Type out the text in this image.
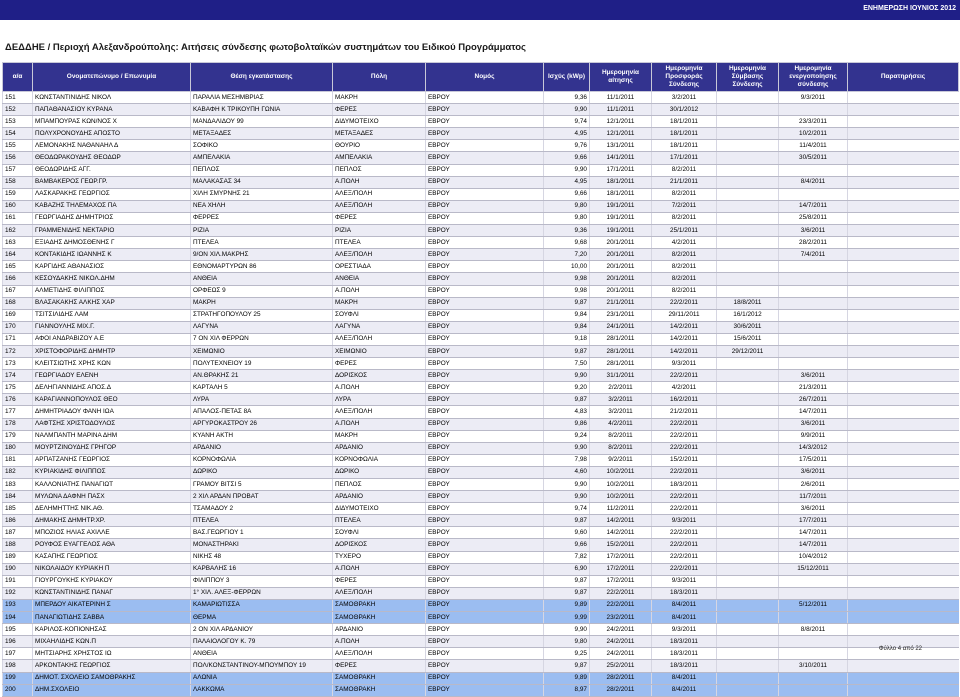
ΕΝΗΜΕΡΩΣΗ ΙΟΥΝΙΟΣ 2012
ΔΕΔΔΗΕ / Περιοχή Αλεξανδρούπολης: Αιτήσεις σύνδεσης φωτοβολταϊκών συστημάτων του Ειδικού Προγράμματος
α/α	Ονοματεπώνυμο / Επωνυμία	Θέση εγκατάστασης	Πόλη	Νομός	Ισχύς (kWp)	Ημερομηνία αίτησης	Ημερομηνία Προσφοράς Σύνδεσης	Ημερομηνία Σύμβασης Σύνδεσης	Ημερομηνία ενεργοποίησης σύνδεσης	Παρατηρήσεις
151	ΚΩΝΣΤΑΝΤΙΝΙΔΗΣ ΝΙΚΟΛ	ΠΑΡΑΛΙΑ ΜΕΣΗΜΒΡΙΑΣ	ΜΑΚΡΗ	ΕΒΡΟΥ	9,36	11/1/2011	3/2/2011		9/3/2011	
152	ΠΑΠΑΘΑΝΑΣΙΟΥ ΚΥΡΑΝΑ	ΚΑΒΑΦΗ Κ ΤΡΙΚΟΥΠΗ ΓΩΝΙΑ	ΦΕΡΕΣ	ΕΒΡΟΥ	9,90	11/1/2011	30/1/2012			
153	ΜΠΑΜΠΟΥΡΑΣ ΚΩΝ/ΝΟΣ Χ	ΜΑΝΔΑΛΙΔΟΥ 99	ΔΙΔΥΜΟΤΕΙΧΟ	ΕΒΡΟΥ	9,74	12/1/2011	18/1/2011		23/3/2011	
154	ΠΟΛΥΧΡΟΝΟΥΔΗΣ ΑΠΟΣΤΟ	ΜΕΤΑΞΑΔΕΣ	ΜΕΤΑΞΑΔΕΣ	ΕΒΡΟΥ	4,95	12/1/2011	18/1/2011		10/2/2011	
155	ΛΕΜΟΝΑΚΗΣ ΝΑΘΑΝΑΗΛ Δ	ΣΟΦΙΚΟ	ΘΟΥΡΙΟ	ΕΒΡΟΥ	9,76	13/1/2011	18/1/2011		11/4/2011	
156	ΘΕΟΔΩΡΑΚΟΥΔΗΣ ΘΕΟΔΩΡ	ΑΜΠΕΛΑΚΙΑ	ΑΜΠΕΛΑΚΙΑ	ΕΒΡΟΥ	9,66	14/1/2011	17/1/2011		30/5/2011	
157	ΘΕΟΔΩΡΙΔΗΣ ΑΓΓ.	ΠΕΠΛΟΣ	ΠΕΠΛΟΣ	ΕΒΡΟΥ	9,90	17/1/2011	8/2/2011			
158	ΒΑΜΒΑΚΕΡΟΣ ΓΕΩΡ.ΓΡ.	ΜΑΛΑΚΑΣΑΣ 34	Α.ΠΟΛΗ	ΕΒΡΟΥ	4,95	18/1/2011	21/1/2011		8/4/2011	
159	ΛΑΣΚΑΡΑΚΗΣ ΓΕΩΡΓΙΟΣ	ΧΙΛΗ ΣΜΥΡΝΗΣ 21	ΑΛΕΞ/ΠΟΛΗ	ΕΒΡΟΥ	9,66	18/1/2011	8/2/2011			
160	ΚΑΒΑΖΗΣ ΤΗΛΕΜΑΧΟΣ ΠΑ	ΝΕΑ ΧΗΛΗ	ΑΛΕΞ/ΠΟΛΗ	ΕΒΡΟΥ	9,80	19/1/2011	7/2/2011		14/7/2011	
161	ΓΕΩΡΓΙΑΔΗΣ ΔΗΜΗΤΡΙΟΣ	ΦΕΡΡΕΣ	ΦΕΡΕΣ	ΕΒΡΟΥ	9,80	19/1/2011	8/2/2011		25/8/2011	
162	ΓΡΑΜΜΕΝΙΔΗΣ ΝΕΚΤΑΡΙΟ	ΡΙΖΙΑ	ΡΙΖΙΑ	ΕΒΡΟΥ	9,36	19/1/2011	25/1/2011		3/6/2011	
163	ΕΞΙΑΔΗΣ ΔΗΜΟΣΘΕΝΗΣ Γ	ΠΤΕΛΕΑ	ΠΤΕΛΕΑ	ΕΒΡΟΥ	9,68	20/1/2011	4/2/2011		28/2/2011	
164	ΚΟΝΤΑΚΙΔΗΣ ΙΩΑΝΝΗΣ Κ	9/ΟΝ ΧΙΛ.ΜΑΚΡΗΣ	ΑΛΕΞ/ΠΟΛΗ	ΕΒΡΟΥ	7,20	20/1/2011	8/2/2011		7/4/2011	
165	ΚΑΡΓΙΔΗΣ ΑΘΑΝΑΣΙΟΣ	ΕΘΝΟΜΑΡΤΥΡΩΝ 86	ΟΡΕΣΤΙΑΔΑ	ΕΒΡΟΥ	10,00	20/1/2011	8/2/2011			
166	ΚΕΣΟΥΔΑΚΗΣ ΝΙΚΟΛ.ΔΗΜ	ΑΝΘΕΙΑ	ΑΝΘΕΙΑ	ΕΒΡΟΥ	9,98	20/1/2011	8/2/2011			
167	ΑΛΜΕΤΙΔΗΣ ΦΙΛΙΠΠΟΣ	ΟΡΦΕΩΣ 9	Α.ΠΟΛΗ	ΕΒΡΟΥ	9,98	20/1/2011	8/2/2011			
168	ΒΛΑΣΑΚΑΚΗΣ ΑΛΚΗΣ ΧΑΡ	ΜΑΚΡΗ	ΜΑΚΡΗ	ΕΒΡΟΥ	9,87	21/1/2011	22/2/2011	18/8/2011		
169	ΤΣΙΤΣΙΛΙΔΗΣ ΛΑΜ	ΣΤΡΑΤΗΓΟΠΟΥΛΟΥ 25	ΣΟΥΦΛΙ	ΕΒΡΟΥ	9,84	23/1/2011	29/11/2011	16/1/2012		
170	ΓΙΑΝΝΟΥΛΗΣ ΜΙΧ.Γ.	ΛΑΓΥΝΑ	ΛΑΓΥΝΑ	ΕΒΡΟΥ	9,84	24/1/2011	14/2/2011	30/6/2011		
171	ΑΦΟΙ ΑΝΔΡΑΒΙΖΟΥ Α.Ε	7 ΟΝ ΧΙΛ ΦΕΡΡΩΝ	ΑΛΕΞ/ΠΟΛΗ	ΕΒΡΟΥ	9,18	28/1/2011	14/2/2011	15/6/2011		
172	ΧΡΙΣΤΟΦΟΡΙΔΗΣ ΔΗΜΗΤΡ	ΧΕΙΜΩΝΙΟ	ΧΕΙΜΩΝΙΟ	ΕΒΡΟΥ	9,87	28/1/2011	14/2/2011	29/12/2011		
173	ΚΛΕΙΤΣΙΩΤΗΣ ΧΡΗΣ ΚΩΝ	ΠΟΛΥΤΕΧΝΕΙΟΥ 19	ΦΕΡΕΣ	ΕΒΡΟΥ	7,50	28/1/2011	9/3/2011			
174	ΓΕΩΡΓΙΑΔΟΥ ΕΛΕΝΗ	ΑΝ.ΘΡΑΚΗΣ 21	ΔΟΡΙΣΚΟΣ	ΕΒΡΟΥ	9,90	31/1/2011	22/2/2011		3/6/2011	
175	ΔΕΛΗΓΙΑΝΝΙΔΗΣ ΑΠΟΣ.Δ	ΚΑΡΤΑΛΗ 5	Α.ΠΟΛΗ	ΕΒΡΟΥ	9,20	2/2/2011	4/2/2011		21/3/2011	
176	ΚΑΡΑΓΙΑΝΝΟΠΟΥΛΟΣ ΘΕΟ	ΛΥΡΑ	ΛΥΡΑ	ΕΒΡΟΥ	9,87	3/2/2011	16/2/2011		26/7/2011	
177	ΔΗΜΗΤΡΙΑΔΟΥ ΦΑΝΗ ΙΩΑ	ΑΠΑΛΟΣ-ΠΕΤΑΣ 8Α	ΑΛΕΞ/ΠΟΛΗ	ΕΒΡΟΥ	4,83	3/2/2011	21/2/2011		14/7/2011	
178	ΛΑΦΤΣΗΣ ΧΡΙΣΤΟΔΟΥΛΟΣ	ΑΡΓΥΡΟΚΑΣΤΡΟΥ 26	Α.ΠΟΛΗ	ΕΒΡΟΥ	9,86	4/2/2011	22/2/2011		3/6/2011	
179	ΝΑΛΜΠΑΝΤΗ ΜΑΡΙΝΑ ΔΗΜ	ΚΥΑΝΗ ΑΚΤΗ	ΜΑΚΡΗ	ΕΒΡΟΥ	9,24	8/2/2011	22/2/2011		9/9/2011	
180	ΜΟΥΡΤΖΙΝΟΥΔΗΣ ΓΡΗΓΟΡ	ΑΡΔΑΝΙΟ	ΑΡΔΑΝΙΟ	ΕΒΡΟΥ	9,90	8/2/2011	22/2/2011		14/3/2012	
181	ΑΡΠΑΤΖΑΝΗΣ ΓΕΩΡΓΙΟΣ	ΚΟΡΝΟΦΩΛΙΑ	ΚΟΡΝΟΦΩΛΙΑ	ΕΒΡΟΥ	7,98	9/2/2011	15/2/2011		17/5/2011	
182	ΚΥΡΙΑΚΙΔΗΣ ΦΙΛΙΠΠΟΣ	ΔΩΡΙΚΟ	ΔΩΡΙΚΟ	ΕΒΡΟΥ	4,60	10/2/2011	22/2/2011		3/6/2011	
183	ΚΑΛΛΟΝΙΑΤΗΣ ΠΑΝΑΓΙΩΤ	ΓΡΑΜΟΥ ΒΙΤΣΙ 5	ΠΕΠΛΟΣ	ΕΒΡΟΥ	9,90	10/2/2011	18/3/2011		2/6/2011	
184	ΜΥΛΩΝΑ ΔΑΦΝΗ ΠΑΣΧ	2 ΧΙΛ ΑΡΔΑΝ ΠΡΟΒΑΤ	ΑΡΔΑΝΙΟ	ΕΒΡΟΥ	9,90	10/2/2011	22/2/2011		11/7/2011	
185	ΔΕΛΗΜΗΤΤΗΣ ΝΙΚ.ΑΘ.	ΤΣΑΜΑΔΟΥ 2	ΔΙΔΥΜΟΤΕΙΧΟ	ΕΒΡΟΥ	9,74	11/2/2011	22/2/2011		3/6/2011	
186	ΔΗΜΑΚΗΣ ΔΗΜΗΤΡ.ΧΡ.	ΠΤΕΛΕΑ	ΠΤΕΛΕΑ	ΕΒΡΟΥ	9,87	14/2/2011	9/3/2011		17/7/2011	
187	ΜΠΟΖΙΟΣ ΗΛΙΑΣ ΑΧΙΛΛΕ	ΒΑΣ.ΓΕΩΡΓΙΟΥ 1	ΣΟΥΦΛΙ	ΕΒΡΟΥ	9,60	14/2/2011	22/2/2011		14/7/2011	
188	ΡΟΥΦΟΣ ΕΥΑΓΓΕΛΟΣ ΑΘΑ	ΜΟΝΑΣΤΗΡΑΚΙ	ΔΟΡΙΣΚΟΣ	ΕΒΡΟΥ	9,66	15/2/2011	22/2/2011		14/7/2011	
189	ΚΑΣΑΠΗΣ ΓΕΩΡΓΙΟΣ	ΝΙΚΗΣ 48	ΤΥΧΕΡΟ	ΕΒΡΟΥ	7,82	17/2/2011	22/2/2011		10/4/2012	
190	ΝΙΚΟΛΑΙΔΟΥ ΚΥΡΙΑΚΗ Π	ΚΑΡΒΑΛΗΣ 16	Α.ΠΟΛΗ	ΕΒΡΟΥ	6,90	17/2/2011	22/2/2011		15/12/2011	
191	ΓΙΟΥΡΓΟΥΚΗΣ ΚΥΡΙΑΚΟΥ	ΦΙΛΙΠΠΟΥ 3	ΦΕΡΕΣ	ΕΒΡΟΥ	9,87	17/2/2011	9/3/2011			
192	ΚΩΝΣΤΑΝΤΙΝΙΔΗΣ ΠΑΝΑΓ	1° ΧΙΛ. ΑΛΕΞ-ΦΕΡΡΩΝ	ΑΛΕΞ/ΠΟΛΗ	ΕΒΡΟΥ	9,87	22/2/2011	18/3/2011			
193	ΜΠΕΡΔΟΥ ΑΙΚΑΤΕΡΙΝΗ Σ	ΚΑΜΑΡΙΩΤΙΣΣΑ	ΣΑΜΟΘΡΑΚΗ	ΕΒΡΟΥ	9,89	22/2/2011	8/4/2011		5/12/2011	
194	ΠΑΝΑΓΙΩΤΙΔΗΣ ΣΑΒΒΑ	ΘΕΡΜΑ	ΣΑΜΟΘΡΑΚΗ	ΕΒΡΟΥ	9,99	23/2/2011	8/4/2011			
195	ΚΑΡΙΛΟΣ-ΚΟΠΙΟΝΗΣΑΣ	2 ΟΝ ΧΙΛ ΑΡΔΑΝΙΟΥ	ΑΡΔΑΝΙΟ	ΕΒΡΟΥ	9,90	24/2/2011	9/3/2011		8/8/2011	
196	ΜΙΧΑΗΛΙΔΗΣ ΚΩΝ.Π	ΠΑΛΑΙΟΛΟΓΟΥ Κ. 79	Α.ΠΟΛΗ	ΕΒΡΟΥ	9,80	24/2/2011	18/3/2011			
197	ΜΗΤΣΙΑΡΗΣ ΧΡΗΣΤΟΣ ΙΩ	ΑΝΘΕΙΑ	ΑΛΕΞ/ΠΟΛΗ	ΕΒΡΟΥ	9,25	24/2/2011	18/3/2011			
198	ΑΡΚΟΝΤΑΚΗΣ ΓΕΩΡΓΙΟΣ	ΠΟΛ/ΚΟΝΣΤΑΝΤΙΝΟΥ-ΜΠΟΥΜΠΟΥ 19	ΦΕΡΕΣ	ΕΒΡΟΥ	9,87	25/2/2011	18/3/2011		3/10/2011	
199	ΔΗΜΟΤ. ΣΧΟΛΕΙΟ ΣΑΜΟΘΡΑΚΗΣ	ΑΛΩΝΙΑ	ΣΑΜΟΘΡΑΚΗ	ΕΒΡΟΥ	9,89	28/2/2011	8/4/2011			
200	ΔΗΜ.ΣΧΟΛΕΙΟ	ΛΑΚΚΩΜΑ	ΣΑΜΟΘΡΑΚΗ	ΕΒΡΟΥ	8,97	28/2/2011	8/4/2011			
Φύλλο 4 από 22
